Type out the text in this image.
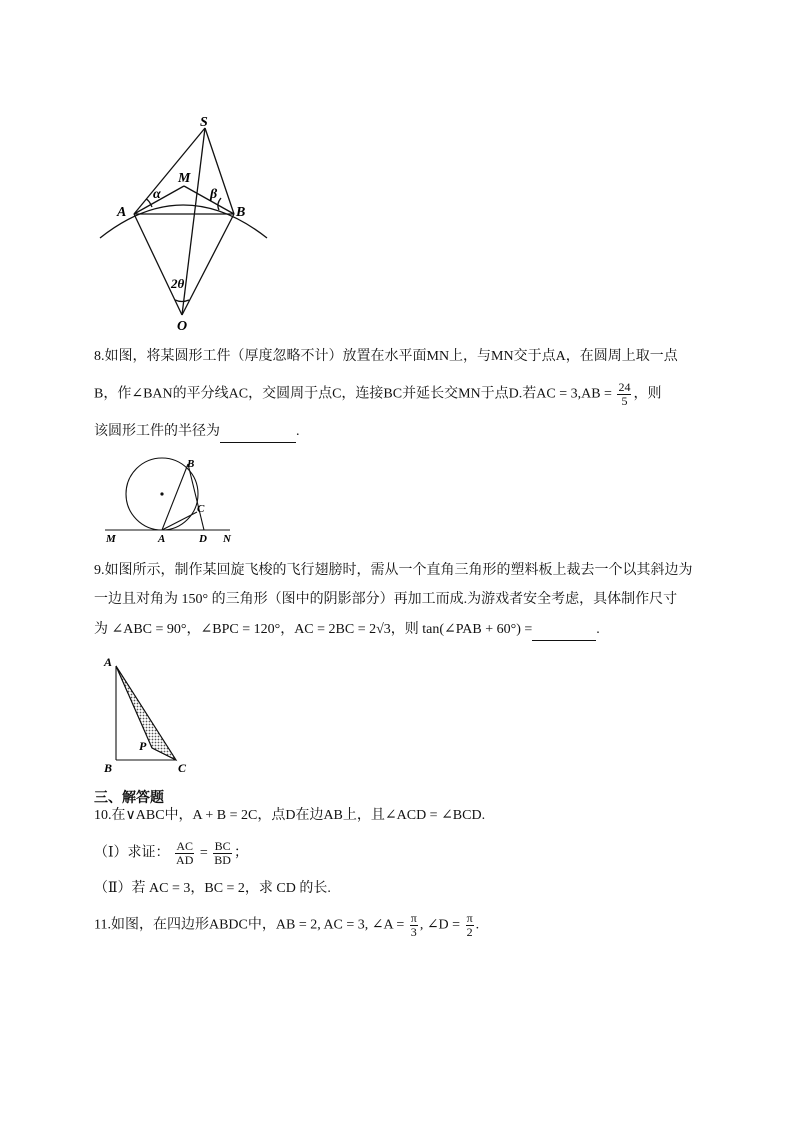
S
M
A	B
O
α	β
2θ
8.如图，将某圆形工件（厚度忽略不计）放置在水平面MN上，与MN交于点A，在圆周上取一点
B，作∠BAN的平分线AC，交圆周于点C，连接BC并延长交MN于点D.若AC = $3,AB = \frac{24}{5}$ ，则
该圆形工件的半径为	.
B
C
M	A	D N
9.如图所示，制作某回旋飞梭的飞行翅膀时，需从一个直角三角形的塑料板上裁去一个以其斜边为
一边且对角为 150° 的三角形（图中的阴影部分）再加工而成.为游戏者安全考虑，具体制作尺寸
为 ∠ABC = 90°，∠BPC = 120°，AC = 2BC = 2√3，则 tan(∠PAB + 60°) =	.
A
P
B	C
三、解答题
10.在∨ABC中，A + B = 2C，点D在边AB上，且∠ACD = ∠BCD.
（Ⅰ）求证： $\frac{AC}{AD} = \frac{BC}{BD}$ ；
（Ⅱ）若 AC = 3，BC = 2，求 CD 的长.
11.如图，在四边形ABDC中，AB = 2, AC = 3, ∠A = $\frac{\pi}{3}$ , ∠D = $\frac{\pi}{2}$ .
